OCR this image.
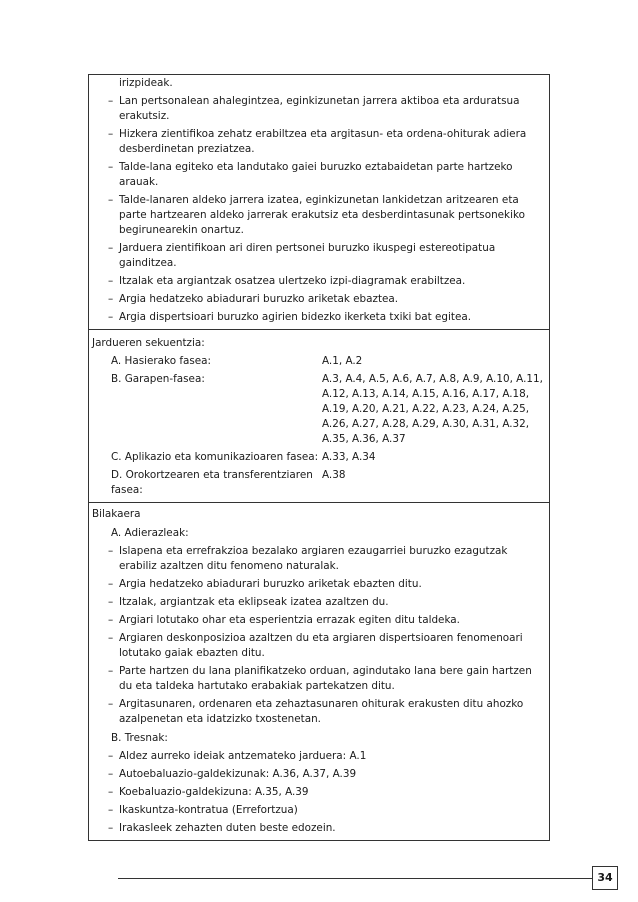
irizpideak.
– Lan pertsonalean ahalegintzea, eginkizunetan jarrera aktiboa eta arduratsua erakutsiz.
– Hizkera zientifikoa zehatz erabiltzea eta argitasun- eta ordena-ohiturak adiera desberdinetan preziatzea.
– Talde-lana egiteko eta landutako gaiei buruzko eztabaidetan parte hartzeko arauak.
– Talde-lanaren aldeko jarrera izatea, eginkizunetan lankidetzan aritzearen eta parte hartzearen aldeko jarrerak erakutsiz eta desberdintasunak pertsonekiko begirunearekin onartuz.
– Jarduera zientifikoan ari diren pertsonei buruzko ikuspegi estereotipatua gainditzea.
– Itzalak eta argiantzak osatzea ulertzeko izpi-diagramak erabiltzea.
– Argia hedatzeko abiadurari buruzko ariketak ebaztea.
– Argia dispertsioari buruzko agirien bidezko ikerketa txiki bat egitea.
Jardueren sekuentzia:
A. Hasierako fasea:	A.1, A.2
B. Garapen-fasea:	A.3, A.4, A.5, A.6, A.7, A.8, A.9, A.10, A.11, A.12, A.13, A.14, A.15, A.16, A.17, A.18, A.19, A.20, A.21, A.22, A.23, A.24, A.25, A.26, A.27, A.28, A.29, A.30, A.31, A.32, A.35, A.36, A.37
C. Aplikazio eta komunikazioaren fasea: A.33, A.34
D. Orokortzearen eta transferentziaren fasea:
A.38
Bilakaera
A. Adierazleak:
– Islapena eta errefrakzioa bezalako argiaren ezaugarriei buruzko ezagutzak erabiliz azaltzen ditu fenomeno naturalak.
– Argia hedatzeko abiadurari buruzko ariketak ebazten ditu.
– Itzalak, argiantzak eta eklipseak izatea azaltzen du.
– Argiari lotutako ohar eta esperientzia errazak egiten ditu taldeka.
– Argiaren deskonposizioa azaltzen du eta argiaren dispertsioaren fenomenoari lotutako gaiak ebazten ditu.
– Parte hartzen du lana planifikatzeko orduan, agindutako lana bere gain hartzen du eta taldeka hartutako erabakiak partekatzen ditu.
– Argitasunaren, ordenaren eta zehaztasunaren ohiturak erakusten ditu ahozko azalpenetan eta idatzizko txostenetan.
B. Tresnak:
– Aldez aurreko ideiak antzemateko jarduera: A.1
– Autoebaluazio-galdekizunak: A.36, A.37, A.39
– Koebaluazio-galdekizuna: A.35, A.39
– Ikaskuntza-kontratua (Errefortzua)
– Irakasleek zehazten duten beste edozein.
34
